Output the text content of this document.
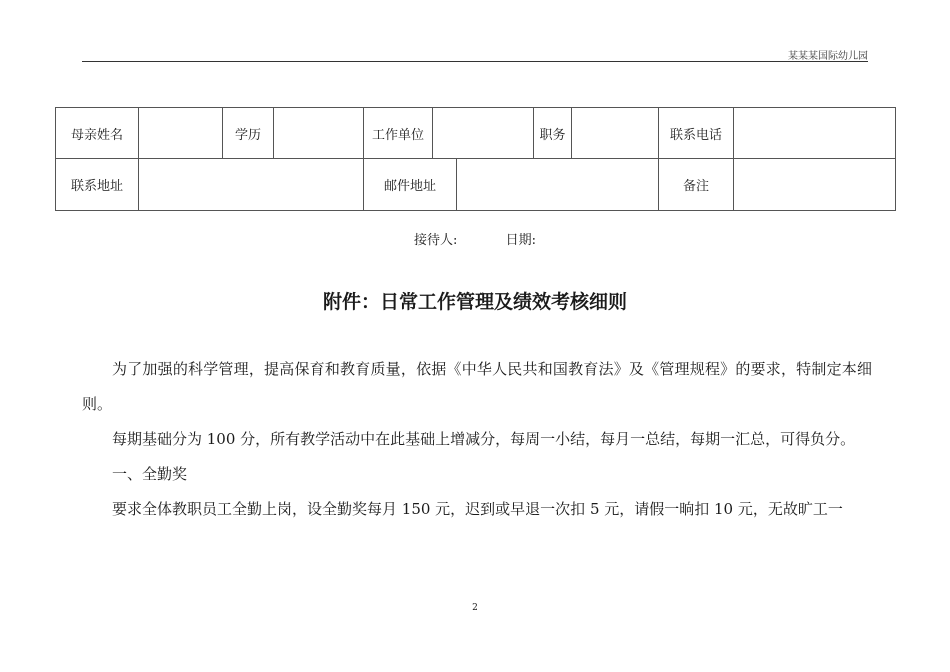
某某某国际幼儿园
母亲姓名		学历		工作单位			职务		联系电话	
联系地址				邮件地址					备注	
接待人:	日期:
附件：日常工作管理及绩效考核细则

为了加强的科学管理，提高保育和教育质量，依据《中华人民共和国教育法》及《管理规程》的要求，特制定本细则。

每期基础分为 100 分，所有教学活动中在此基础上增减分，每周一小结，每月一总结，每期一汇总，可得负分。

一、全勤奖

要求全体教职员工全勤上岗，设全勤奖每月 150 元，迟到或早退一次扣 5 元，请假一晌扣 10 元，无故旷工一

2
